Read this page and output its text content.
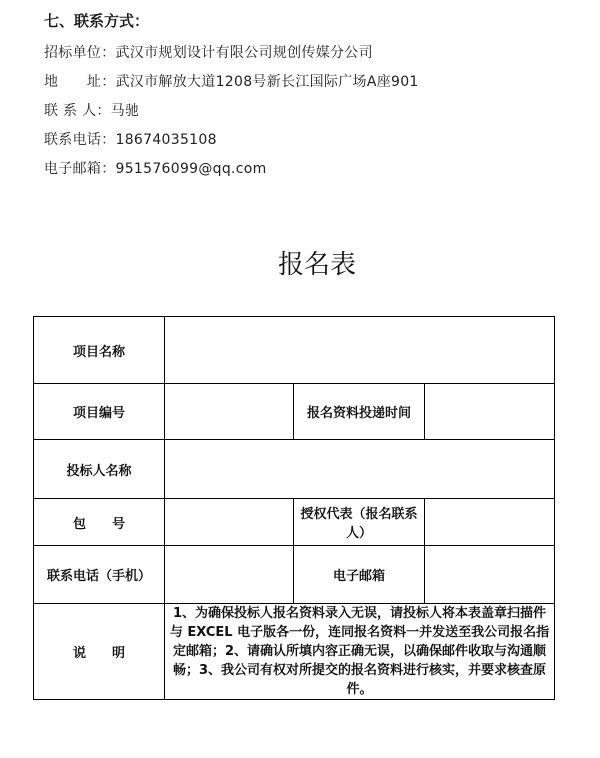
七、联系方式：
招标单位：武汉市规划设计有限公司规创传媒分公司
地　　址：武汉市解放大道1208号新长江国际广场A座901
联 系 人：马驰
联系电话：18674035108
电子邮箱：951576099@qq.com
报名表
项目名称			
项目编号		报名资料投递时间	
投标人名称			
包　　号		授权代表（报名联系人）	
联系电话（手机）		电子邮箱	
说　　明	1、为确保投标人报名资料录入无误，请投标人将本表盖章扫描件与 EXCEL 电子版各一份，连同报名资料一并发送至我公司报名指定邮箱；2、请确认所填内容正确无误，以确保邮件收取与沟通顺畅；3、我公司有权对所提交的报名资料进行核实，并要求核查原件。		
